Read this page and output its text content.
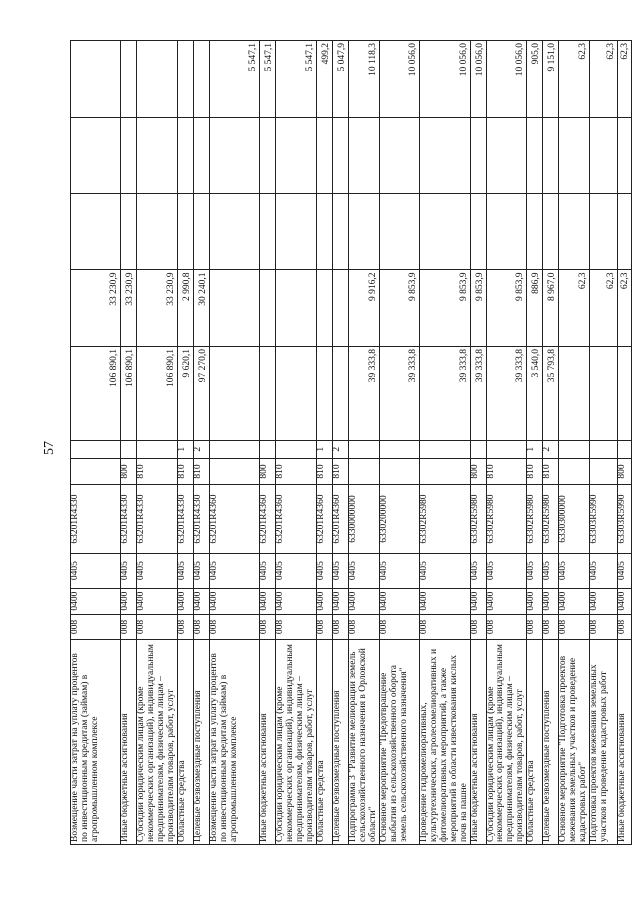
57
Возмещение части затрат на уплату процентов по инвестиционным кредитам (займам) в агропромышленном комплексе	008	0400	0405	63201R4330			106 890,1	33 230,9			
Иные бюджетные ассигнования	008	0400	0405	63201R4330	800		106 890,1	33 230,9			
Субсидии юридическим лицам (кроме некоммерческих организаций), индивидуальным предпринимателям, физическим лицам – производителям товаров, работ, услуг	008	0400	0405	63201R4330	810		106 890,1	33 230,9			
Областные средства	008	0400	0405	63201R4330	810	1	9 620,1	2 990,8			
Целевые безвозмездные поступления	008	0400	0405	63201R4330	810	2	97 270,0	30 240,1			
Возмещение части затрат на уплату процентов по инвестиционным кредитам (займам) в агропромышленном комплексе	008	0400	0405	63201R4360							5 547,1
Иные бюджетные ассигнования	008	0400	0405	63201R4360	800						5 547,1
Субсидии юридическим лицам (кроме некоммерческих организаций), индивидуальным предпринимателям, физическим лицам – производителям товаров, работ, услуг	008	0400	0405	63201R4360	810						5 547,1
Областные средства	008	0400	0405	63201R4360	810	1					499,2
Целевые безвозмездные поступления	008	0400	0405	63201R4360	810	2					5 047,9
Подпрограмма 3 "Развитие мелиорации земель сельскохозяйственного назначения в Орловской области"	008	0400	0405	6330000000			39 333,8	9 916,2			10 118,3
Основное мероприятие "Предотвращение выбытия из сельскохозяйственного оборота земель сельскохозяйственного назначения"	008	0400	0405	6330200000			39 333,8	9 853,9			10 056,0
Проведение гидромелиоративных, культуртехнических, агролесомелиоративных и фитомелиоративных мероприятий, а также мероприятий в области известкования кислых почв на пашне	008	0400	0405	63302R5980			39 333,8	9 853,9			10 056,0
Иные бюджетные ассигнования	008	0400	0405	63302R5980	800		39 333,8	9 853,9			10 056,0
Субсидии юридическим лицам (кроме некоммерческих организаций), индивидуальным предпринимателям, физическим лицам – производителям товаров, работ, услуг	008	0400	0405	63302R5980	810		39 333,8	9 853,9			10 056,0
Областные средства	008	0400	0405	63302R5980	810	1	3 540,0	886,9			905,0
Целевые безвозмездные поступления	008	0400	0405	63302R5980	810	2	35 793,8	8 967,0			9 151,0
Основное мероприятие "Подготовка проектов межевания земельных участков и проведение кадастровых работ"	008	0400	0405	6330300000				62,3			62,3
Подготовка проектов межевания земельных участков и проведение кадастровых работ	008	0400	0405	63303R5990				62,3			62,3
Иные бюджетные ассигнования	008	0400	0405	63303R5990	800			62,3			62,3
